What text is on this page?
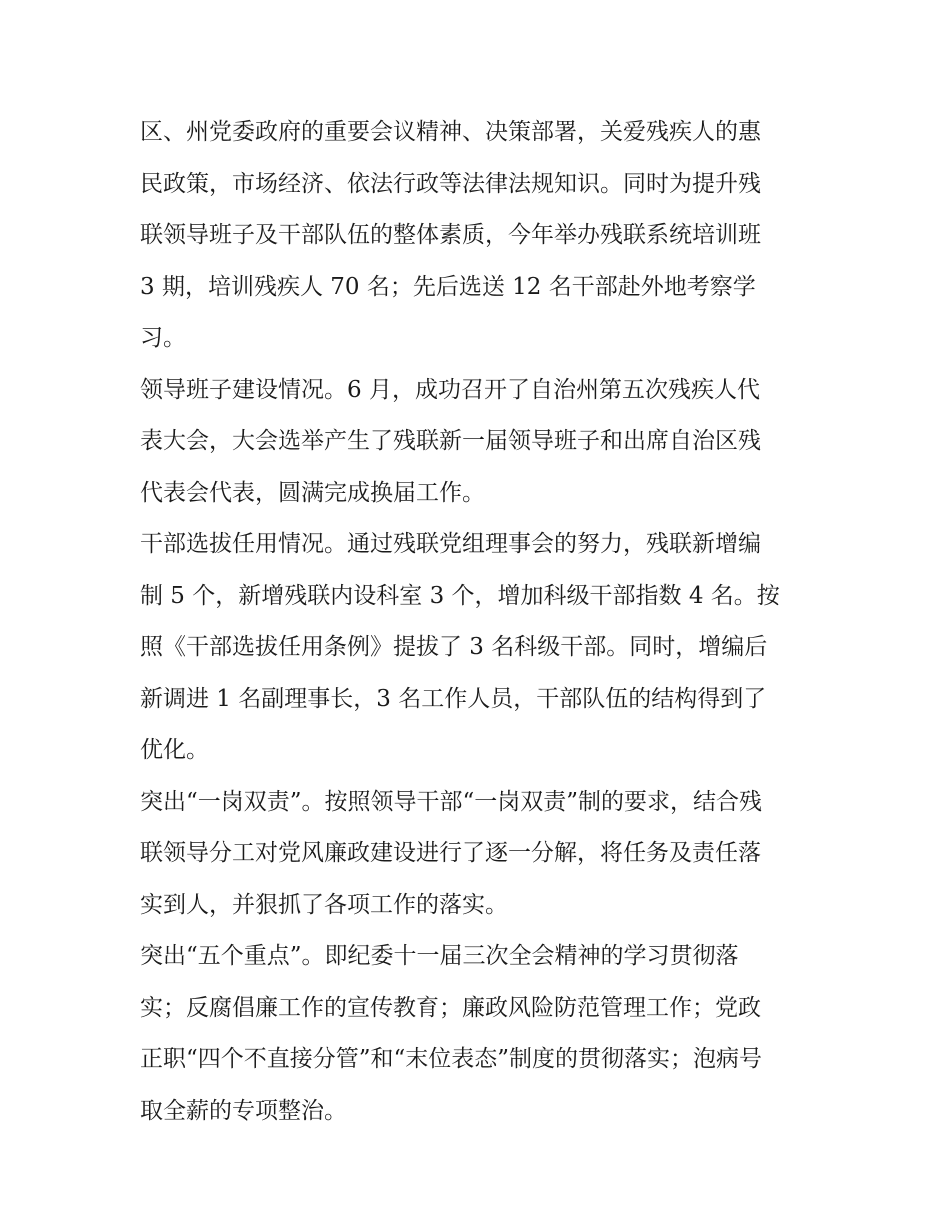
区、州党委政府的重要会议精神、决策部署，关爱残疾人的惠
民政策，市场经济、依法行政等法律法规知识。同时为提升残
联领导班子及干部队伍的整体素质，今年举办残联系统培训班
3 期，培训残疾人 70 名；先后选送 12 名干部赴外地考察学
习。
领导班子建设情况。6 月，成功召开了自治州第五次残疾人代
表大会，大会选举产生了残联新一届领导班子和出席自治区残
代表会代表，圆满完成换届工作。
干部选拔任用情况。通过残联党组理事会的努力，残联新增编
制 5 个，新增残联内设科室 3 个，增加科级干部指数 4 名。按
照《干部选拔任用条例》提拔了 3 名科级干部。同时，增编后
新调进 1 名副理事长，3 名工作人员，干部队伍的结构得到了
优化。
突出“一岗双责”。按照领导干部“一岗双责”制的要求，结合残
联领导分工对党风廉政建设进行了逐一分解，将任务及责任落
实到人，并狠抓了各项工作的落实。
突出“五个重点”。即纪委十一届三次全会精神的学习贯彻落
实；反腐倡廉工作的宣传教育；廉政风险防范管理工作；党政
正职“四个不直接分管”和“末位表态”制度的贯彻落实；泡病号
取全薪的专项整治。
